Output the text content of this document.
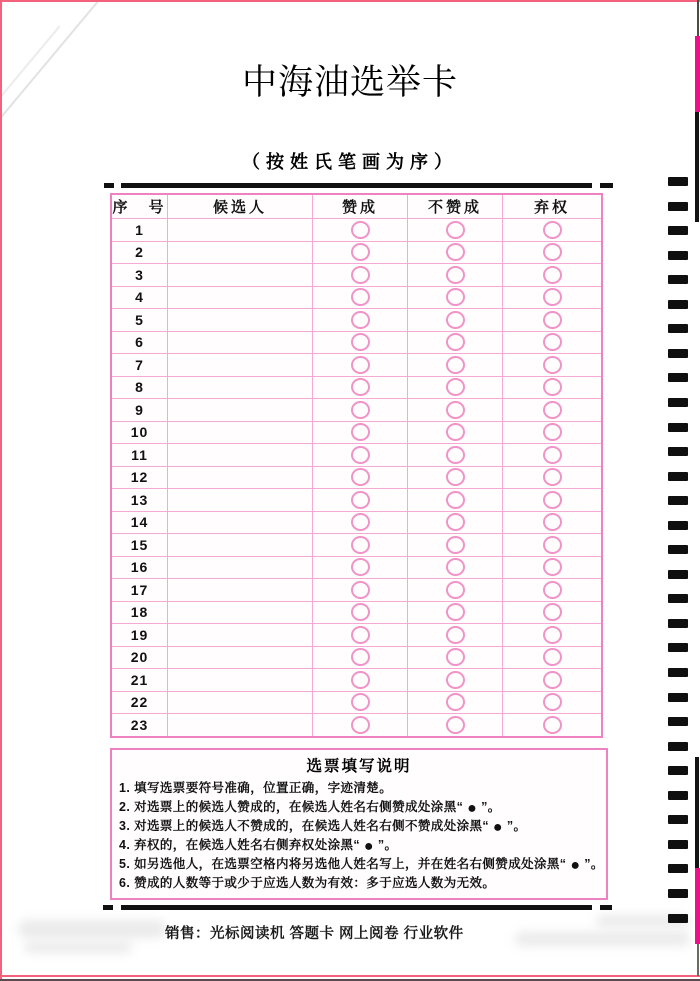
中海油选举卡
（按姓氏笔画为序）
序　号	候选人	赞成	不赞成	弃权
1
2
3
4
5
6
7
8
9
10
11
12
13
14
15
16
17
18
19
20
21
22
23
选票填写说明
1. 填写选票要符号准确，位置正确，字迹清楚。
2. 对选票上的候选人赞成的，在候选人姓名右侧赞成处涂黑“ ● ”。
3. 对选票上的候选人不赞成的，在候选人姓名右侧不赞成处涂黑“ ● ”。
4. 弃权的，在候选人姓名右侧弃权处涂黑“ ● ”。
5. 如另选他人，在选票空格内将另选他人姓名写上，并在姓名右侧赞成处涂黑“ ● ”。
6. 赞成的人数等于或少于应选人数为有效：多于应选人数为无效。
销售：光标阅读机 答题卡 网上阅卷 行业软件
